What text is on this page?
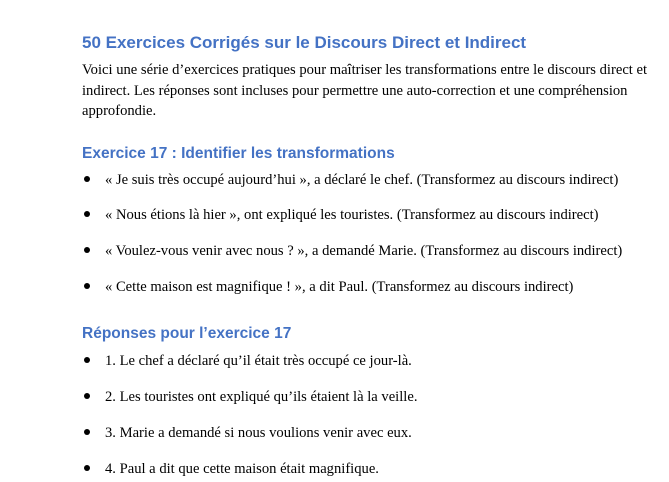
50 Exercices Corrigés sur le Discours Direct et Indirect
Voici une série d’exercices pratiques pour maîtriser les transformations entre le discours direct et indirect. Les réponses sont incluses pour permettre une auto-correction et une compréhension approfondie.
Exercice 17 : Identifier les transformations
« Je suis très occupé aujourd’hui », a déclaré le chef. (Transformez au discours indirect)
« Nous étions là hier », ont expliqué les touristes. (Transformez au discours indirect)
« Voulez-vous venir avec nous ? », a demandé Marie. (Transformez au discours indirect)
« Cette maison est magnifique ! », a dit Paul. (Transformez au discours indirect)
Réponses pour l’exercice 17
1. Le chef a déclaré qu’il était très occupé ce jour-là.
2. Les touristes ont expliqué qu’ils étaient là la veille.
3. Marie a demandé si nous voulions venir avec eux.
4. Paul a dit que cette maison était magnifique.
